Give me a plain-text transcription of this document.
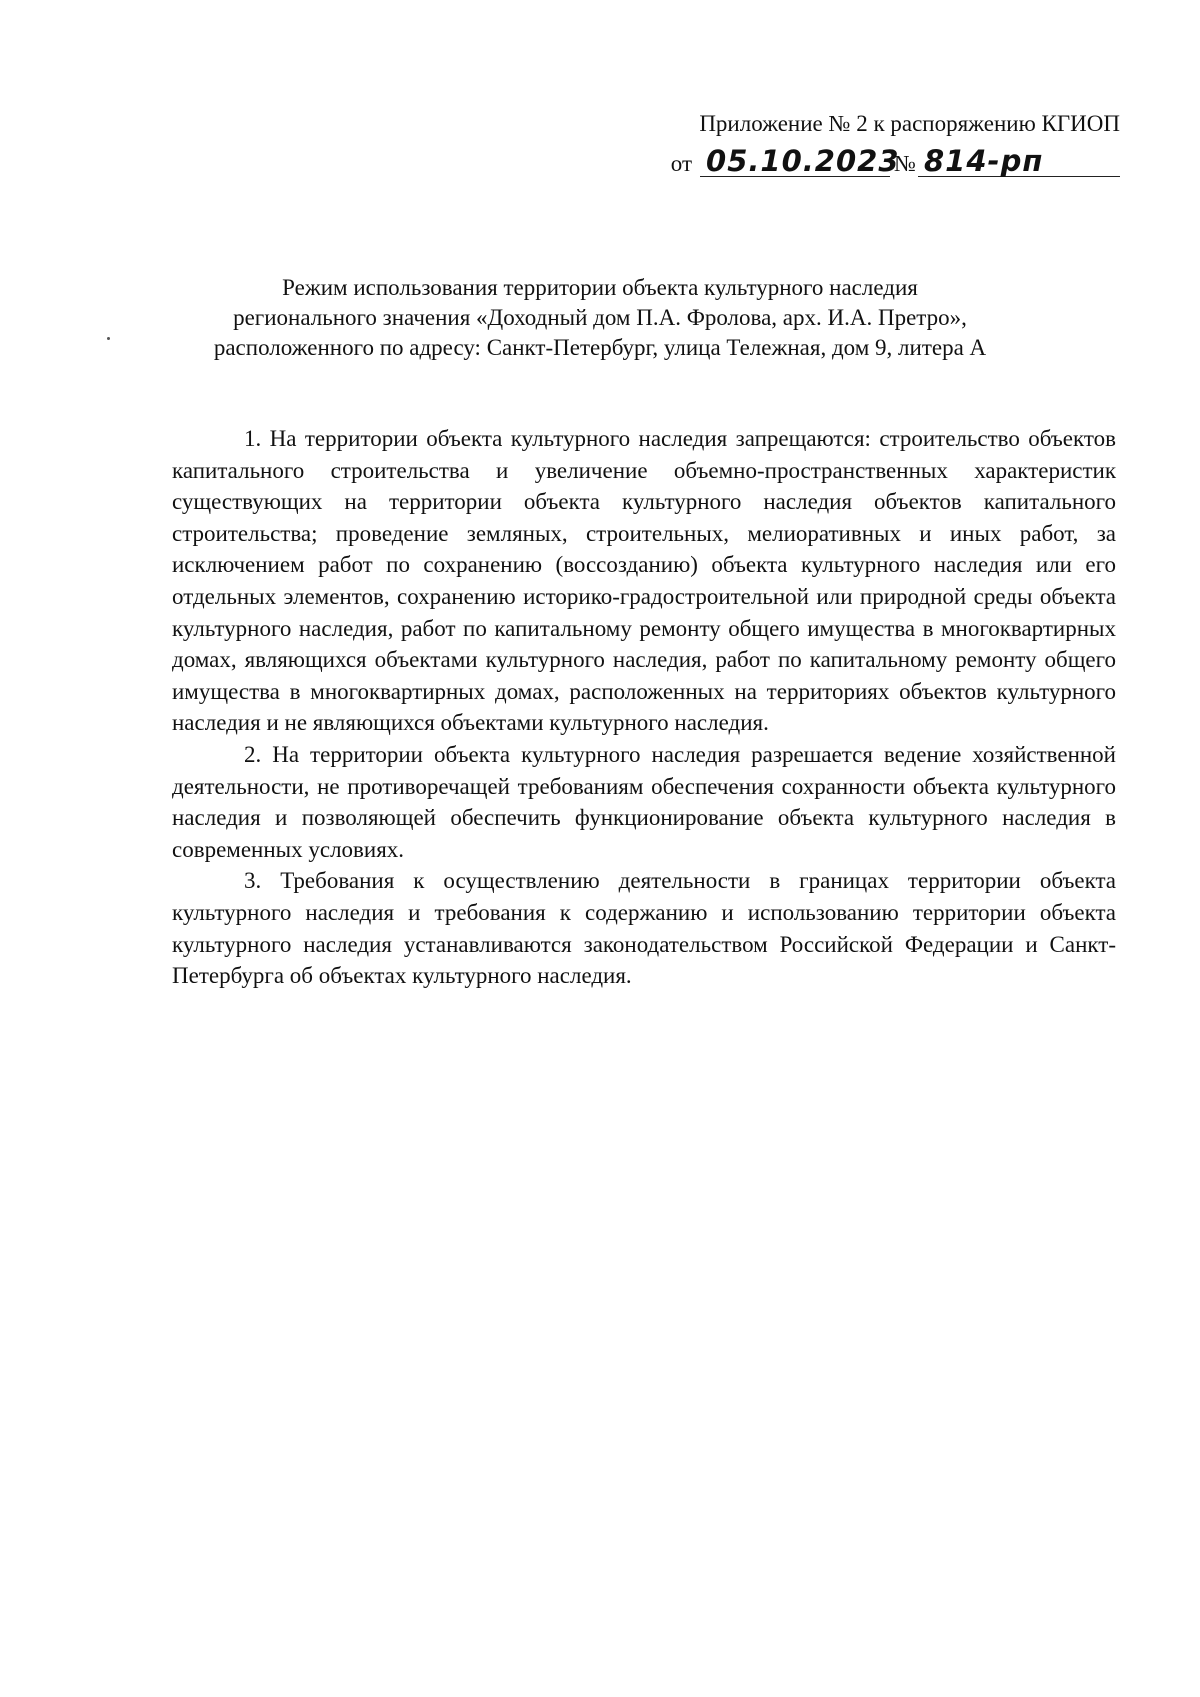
Приложение № 2 к распоряжению КГИОП
от 05.10.2023
№ 814-рп
Режим использования территории объекта культурного наследия
регионального значения «Доходный дом П.А. Фролова, арх. И.А. Претро»,
расположенного по адресу: Санкт-Петербург, улица Тележная, дом 9, литера А

1. На территории объекта культурного наследия запрещаются: строительство объектов капитального строительства и увеличение объемно-пространственных характеристик существующих на территории объекта культурного наследия объектов капитального строительства; проведение земляных, строительных, мелиоративных и иных работ, за исключением работ по сохранению (воссозданию) объекта культурного наследия или его отдельных элементов, сохранению историко-градостроительной или природной среды объекта культурного наследия, работ по капитальному ремонту общего имущества в многоквартирных домах, являющихся объектами культурного наследия, работ по капитальному ремонту общего имущества в многоквартирных домах, расположенных на территориях объектов культурного наследия и не являющихся объектами культурного наследия.

2. На территории объекта культурного наследия разрешается ведение хозяйственной деятельности, не противоречащей требованиям обеспечения сохранности объекта культурного наследия и позволяющей обеспечить функционирование объекта культурного наследия в современных условиях.

3. Требования к осуществлению деятельности в границах территории объекта культурного наследия и требования к содержанию и использованию территории объекта культурного наследия устанавливаются законодательством Российской Федерации и Санкт-Петербурга об объектах культурного наследия.
